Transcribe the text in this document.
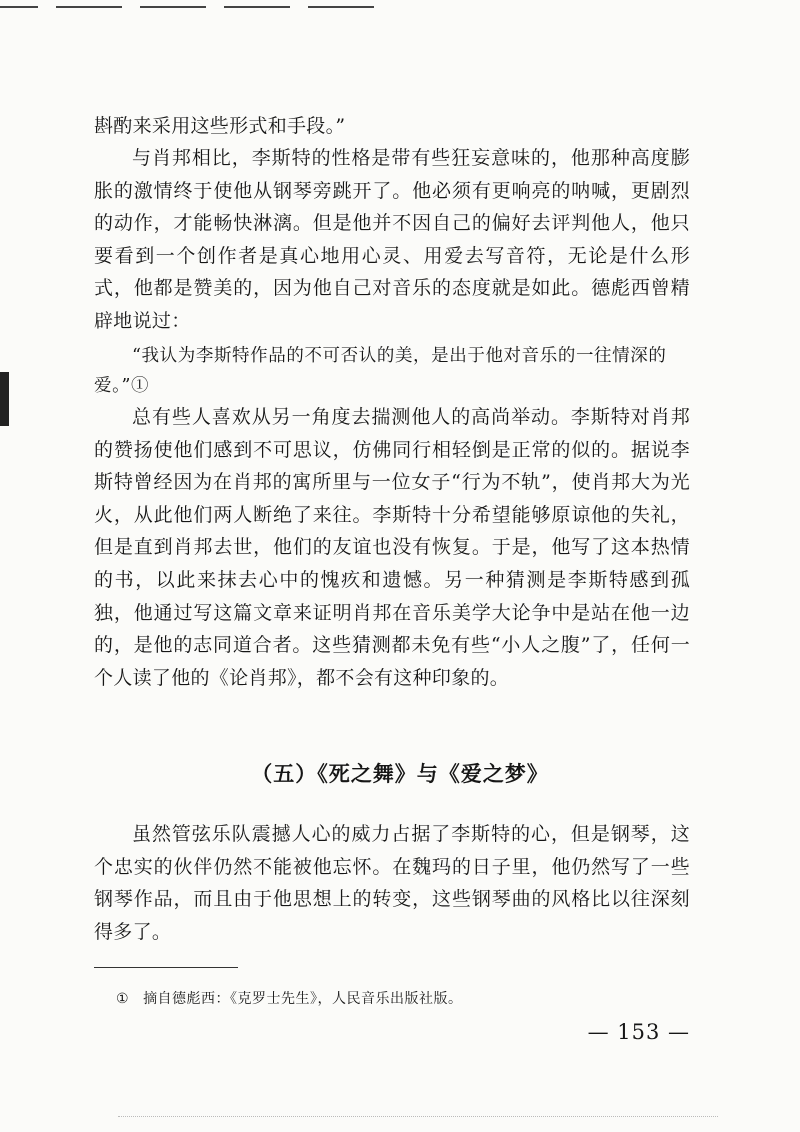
斟酌来采用这些形式和手段。”

与肖邦相比，李斯特的性格是带有些狂妄意味的，他那种高度膨胀的激情终于使他从钢琴旁跳开了。他必须有更响亮的呐喊，更剧烈的动作，才能畅快淋漓。但是他并不因自己的偏好去评判他人，他只要看到一个创作者是真心地用心灵、用爱去写音符，无论是什么形式，他都是赞美的，因为他自己对音乐的态度就是如此。德彪西曾精辟地说过：

“我认为李斯特作品的不可否认的美，是出于他对音乐的一往情深的爱。”①

总有些人喜欢从另一角度去揣测他人的高尚举动。李斯特对肖邦的赞扬使他们感到不可思议，仿佛同行相轻倒是正常的似的。据说李斯特曾经因为在肖邦的寓所里与一位女子“行为不轨”，使肖邦大为光火，从此他们两人断绝了来往。李斯特十分希望能够原谅他的失礼，但是直到肖邦去世，他们的友谊也没有恢复。于是，他写了这本热情的书，以此来抹去心中的愧疚和遗憾。另一种猜测是李斯特感到孤独，他通过写这篇文章来证明肖邦在音乐美学大论争中是站在他一边的，是他的志同道合者。这些猜测都未免有些“小人之腹”了，任何一个人读了他的《论肖邦》，都不会有这种印象的。

（五）《死之舞》与《爱之梦》

虽然管弦乐队震撼人心的威力占据了李斯特的心，但是钢琴，这个忠实的伙伴仍然不能被他忘怀。在魏玛的日子里，他仍然写了一些钢琴作品，而且由于他思想上的转变，这些钢琴曲的风格比以往深刻得多了。

① 摘自德彪西：《克罗士先生》，人民音乐出版社版。

— 153 —
